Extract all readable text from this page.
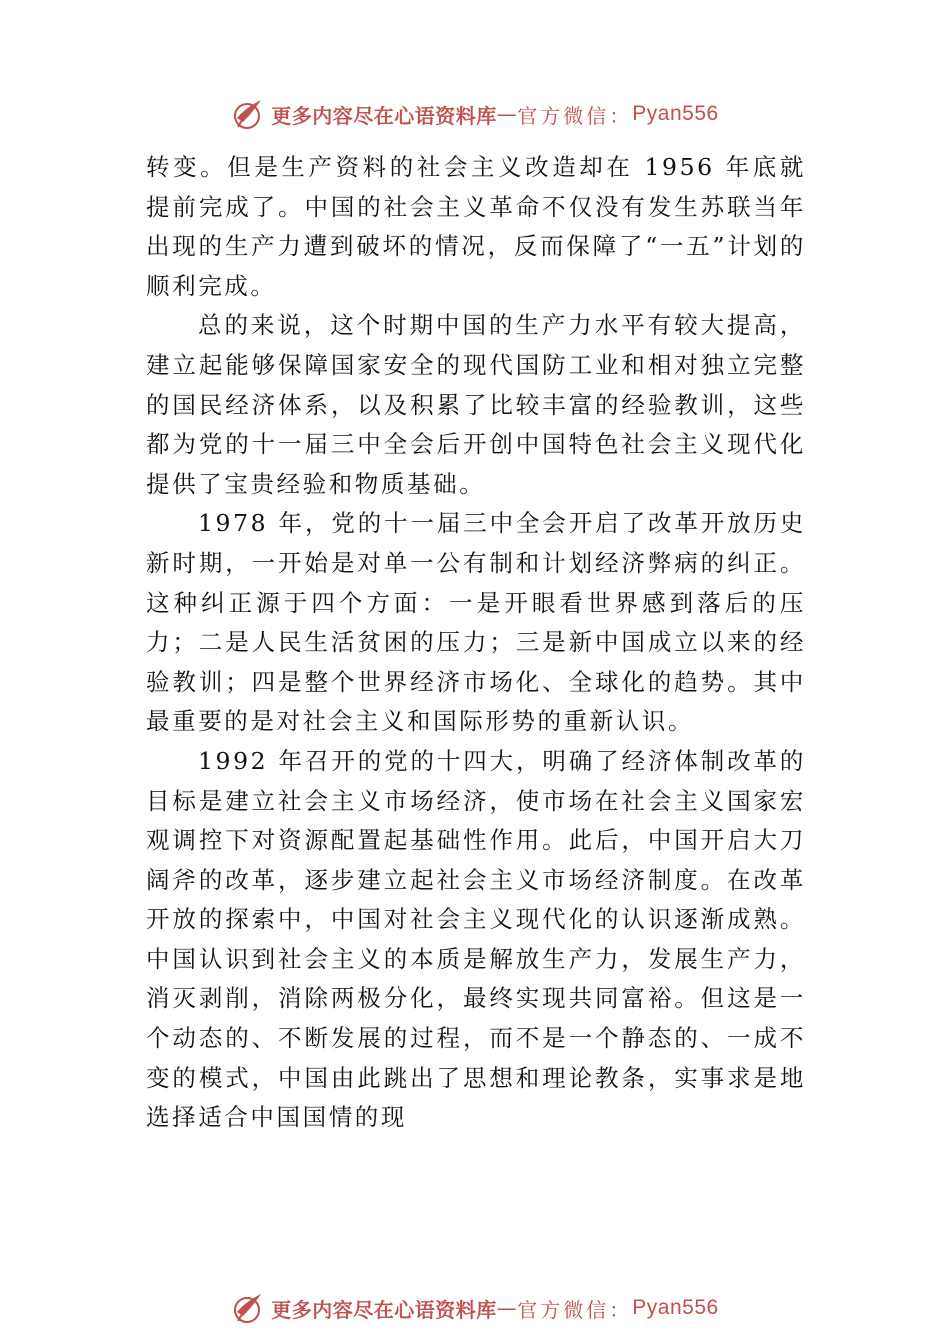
更多内容尽在心语资料库 — 官方微信： Pyan556

转变。但是生产资料的社会主义改造却在 1956 年底就提前完成了。中国的社会主义革命不仅没有发生苏联当年出现的生产力遭到破坏的情况，反而保障了“一五”计划的顺利完成。

总的来说，这个时期中国的生产力水平有较大提高，建立起能够保障国家安全的现代国防工业和相对独立完整的国民经济体系，以及积累了比较丰富的经验教训，这些都为党的十一届三中全会后开创中国特色社会主义现代化提供了宝贵经验和物质基础。

1978 年，党的十一届三中全会开启了改革开放历史新时期，一开始是对单一公有制和计划经济弊病的纠正。这种纠正源于四个方面：一是开眼看世界感到落后的压力；二是人民生活贫困的压力；三是新中国成立以来的经验教训；四是整个世界经济市场化、全球化的趋势。其中最重要的是对社会主义和国际形势的重新认识。

1992 年召开的党的十四大，明确了经济体制改革的目标是建立社会主义市场经济，使市场在社会主义国家宏观调控下对资源配置起基础性作用。此后，中国开启大刀阔斧的改革，逐步建立起社会主义市场经济制度。在改革开放的探索中，中国对社会主义现代化的认识逐渐成熟。中国认识到社会主义的本质是解放生产力，发展生产力，消灭剥削，消除两极分化，最终实现共同富裕。但这是一个动态的、不断发展的过程，而不是一个静态的、一成不变的模式，中国由此跳出了思想和理论教条，实事求是地选择适合中国国情的现

更多内容尽在心语资料库 — 官方微信： Pyan556
